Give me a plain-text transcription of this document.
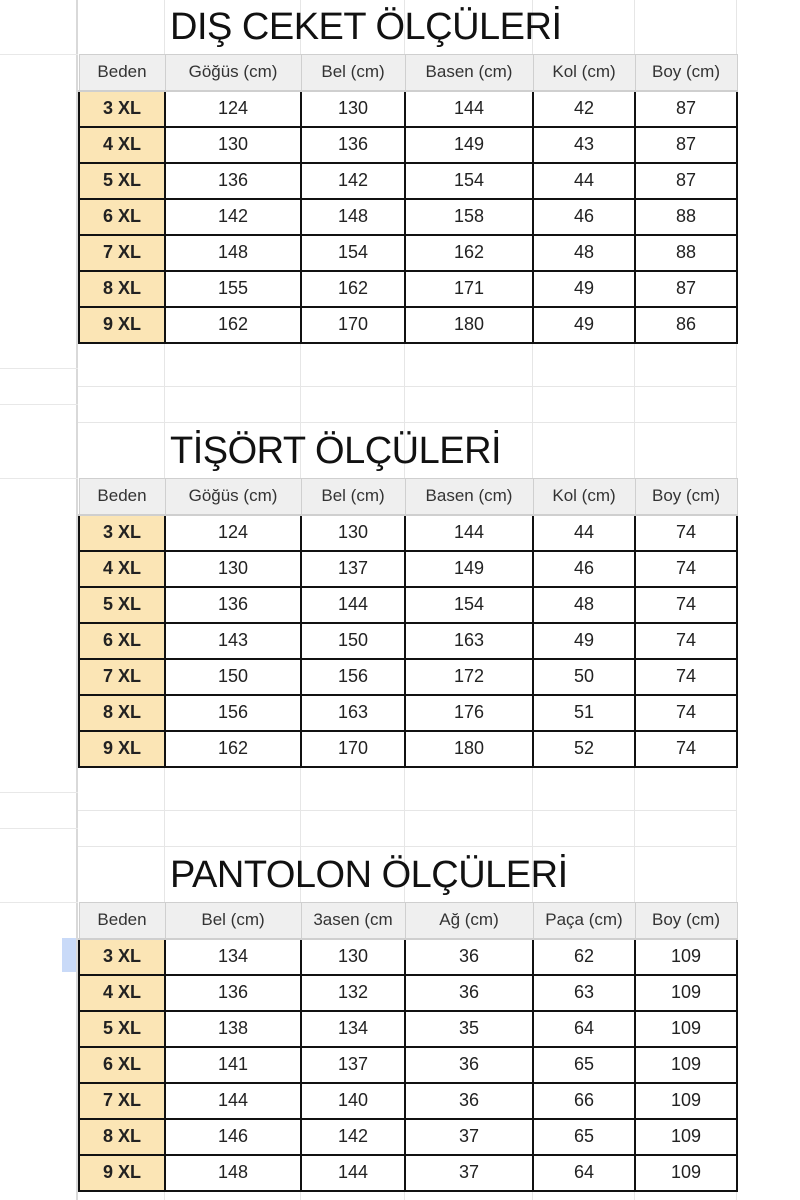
DIŞ CEKET ÖLÇÜLERİ
Beden	Göğüs (cm)	Bel (cm)	Basen (cm)	Kol (cm)	Boy (cm)
3 XL	124	130	144	42	87
4 XL	130	136	149	43	87
5 XL	136	142	154	44	87
6 XL	142	148	158	46	88
7 XL	148	154	162	48	88
8 XL	155	162	171	49	87
9 XL	162	170	180	49	86
TİŞÖRT ÖLÇÜLERİ
Beden	Göğüs (cm)	Bel (cm)	Basen (cm)	Kol (cm)	Boy (cm)
3 XL	124	130	144	44	74
4 XL	130	137	149	46	74
5 XL	136	144	154	48	74
6 XL	143	150	163	49	74
7 XL	150	156	172	50	74
8 XL	156	163	176	51	74
9 XL	162	170	180	52	74
PANTOLON ÖLÇÜLERİ
Beden	Bel (cm)	3asen (cm	Ağ (cm)	Paça (cm)	Boy (cm)
3 XL	134	130	36	62	109
4 XL	136	132	36	63	109
5 XL	138	134	35	64	109
6 XL	141	137	36	65	109
7 XL	144	140	36	66	109
8 XL	146	142	37	65	109
9 XL	148	144	37	64	109
